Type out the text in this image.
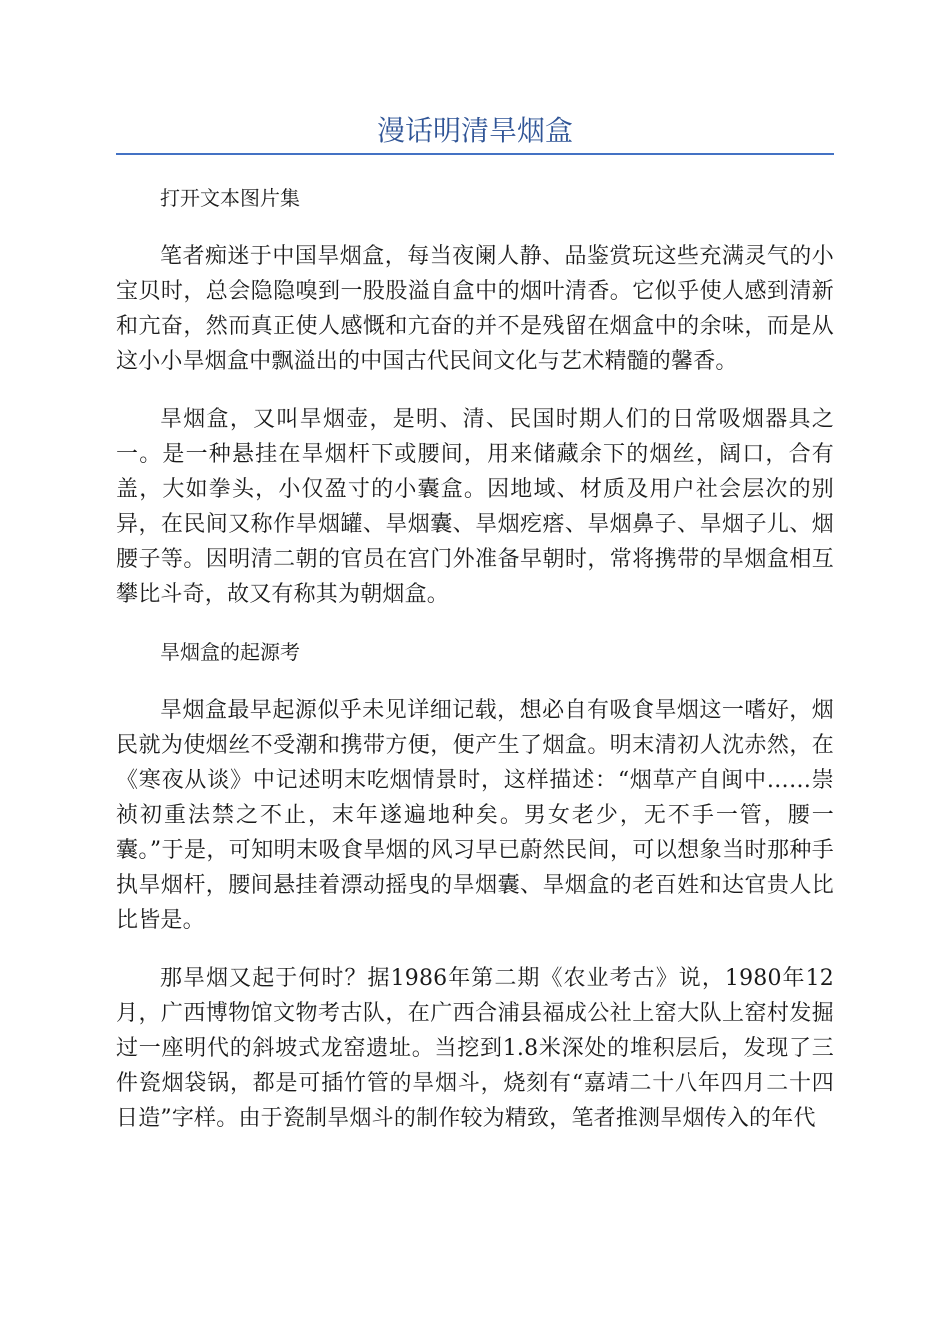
漫话明清旱烟盒

打开文本图片集

笔者痴迷于中国旱烟盒，每当夜阑人静、品鉴赏玩这些充满灵气的小宝贝时，总会隐隐嗅到一股股溢自盒中的烟叶清香。它似乎使人感到清新和亢奋，然而真正使人感慨和亢奋的并不是残留在烟盒中的余味，而是从这小小旱烟盒中飘溢出的中国古代民间文化与艺术精髓的馨香。

旱烟盒，又叫旱烟壶，是明、清、民国时期人们的日常吸烟器具之一。是一种悬挂在旱烟杆下或腰间，用来储藏余下的烟丝，阔口，合有盖，大如拳头，小仅盈寸的小囊盒。因地域、材质及用户社会层次的别异，在民间又称作旱烟罐、旱烟囊、旱烟疙瘩、旱烟鼻子、旱烟子儿、烟腰子等。因明清二朝的官员在宫门外准备早朝时，常将携带的旱烟盒相互攀比斗奇，故又有称其为朝烟盒。

旱烟盒的起源考

旱烟盒最早起源似乎未见详细记载，想必自有吸食旱烟这一嗜好，烟民就为使烟丝不受潮和携带方便，便产生了烟盒。明末清初人沈赤然，在《寒夜从谈》中记述明末吃烟情景时，这样描述：“烟草产自闽中……崇祯初重法禁之不止，末年遂遍地种矣。男女老少，无不手一管，腰一囊。”于是，可知明末吸食旱烟的风习早已蔚然民间，可以想象当时那种手执旱烟杆，腰间悬挂着漂动摇曳的旱烟囊、旱烟盒的老百姓和达官贵人比比皆是。

那旱烟又起于何时？据1986年第二期《农业考古》说，1980年12月，广西博物馆文物考古队，在广西合浦县福成公社上窑大队上窑村发掘过一座明代的斜坡式龙窑遗址。当挖到1.8米深处的堆积层后，发现了三件瓷烟袋锅，都是可插竹管的旱烟斗，烧刻有“嘉靖二十八年四月二十四日造”字样。由于瓷制旱烟斗的制作较为精致，笔者推测旱烟传入的年代
